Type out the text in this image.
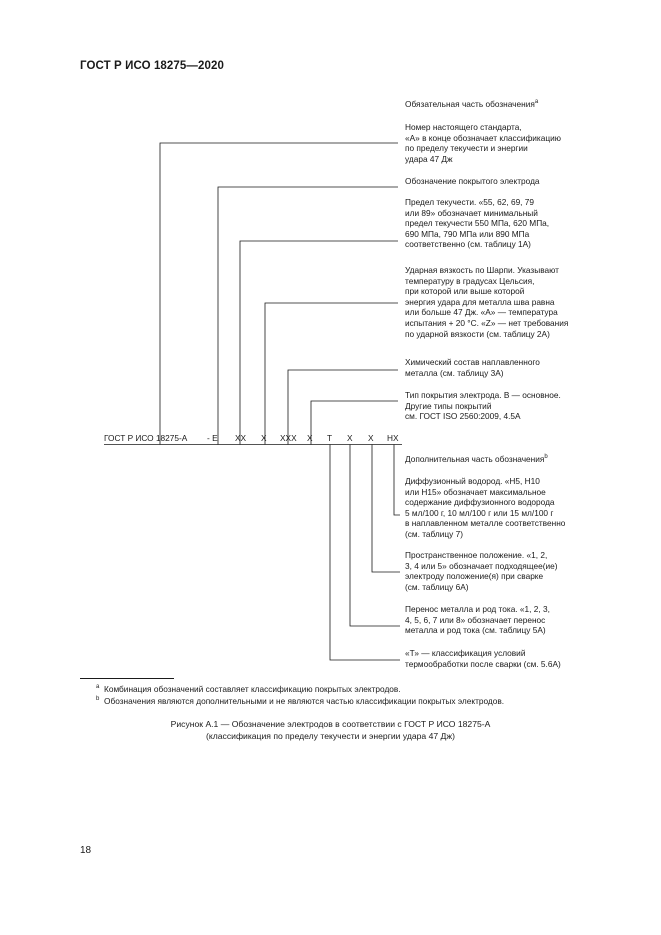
ГОСТ Р ИСО 18275—2020
ГОСТ Р ИСО 18275-А - Е ХХ Х ХХХ Х Т Х Х НХ
Обязательная часть обозначения$^a$
Номер настоящего стандарта,
«А» в конце обозначает классификацию
по пределу текучести и энергии
удара 47 Дж
Обозначение покрытого электрода
Предел текучести. «55, 62, 69, 79
или 89» обозначает минимальный
предел текучести 550 МПа, 620 МПа,
690 МПа, 790 МПа или 890 МПа
соответственно (см. таблицу 1А)
Ударная вязкость по Шарпи. Указывают
температуру в градусах Цельсия,
при которой или выше которой
энергия удара для металла шва равна
или больше 47 Дж. «А» — температура
испытания + 20 °С. «Z» — нет требования
по ударной вязкости (см. таблицу 2А)
Химический состав наплавленного
металла (см. таблицу 3А)
Тип покрытия электрода. В — основное.
Другие типы покрытий
см. ГОСТ ISO 2560:2009, 4.5А
Дополнительная часть обозначения$^b$
Диффузионный водород. «Н5, Н10
или Н15» обозначает максимальное
содержание диффузионного водорода
5 мл/100 г, 10 мл/100 г или 15 мл/100 г
в наплавленном металле соответственно
(см. таблицу 7)
Пространственное положение. «1, 2,
3, 4 или 5» обозначает подходящее(ие)
электроду положение(я) при сварке
(см. таблицу 6А)
Перенос металла и род тока. «1, 2, 3,
4, 5, 6, 7 или 8» обозначает перенос
металла и род тока (см. таблицу 5А)
«Т» — классификация условий
термообработки после сварки (см. 5.6А)
a Комбинация обозначений составляет классификацию покрытых электродов.
b Обозначения являются дополнительными и не являются частью классификации покрытых электродов.
Рисунок А.1 — Обозначение электродов в соответствии с ГОСТ Р ИСО 18275-А
(классификация по пределу текучести и энергии удара 47 Дж)
18
